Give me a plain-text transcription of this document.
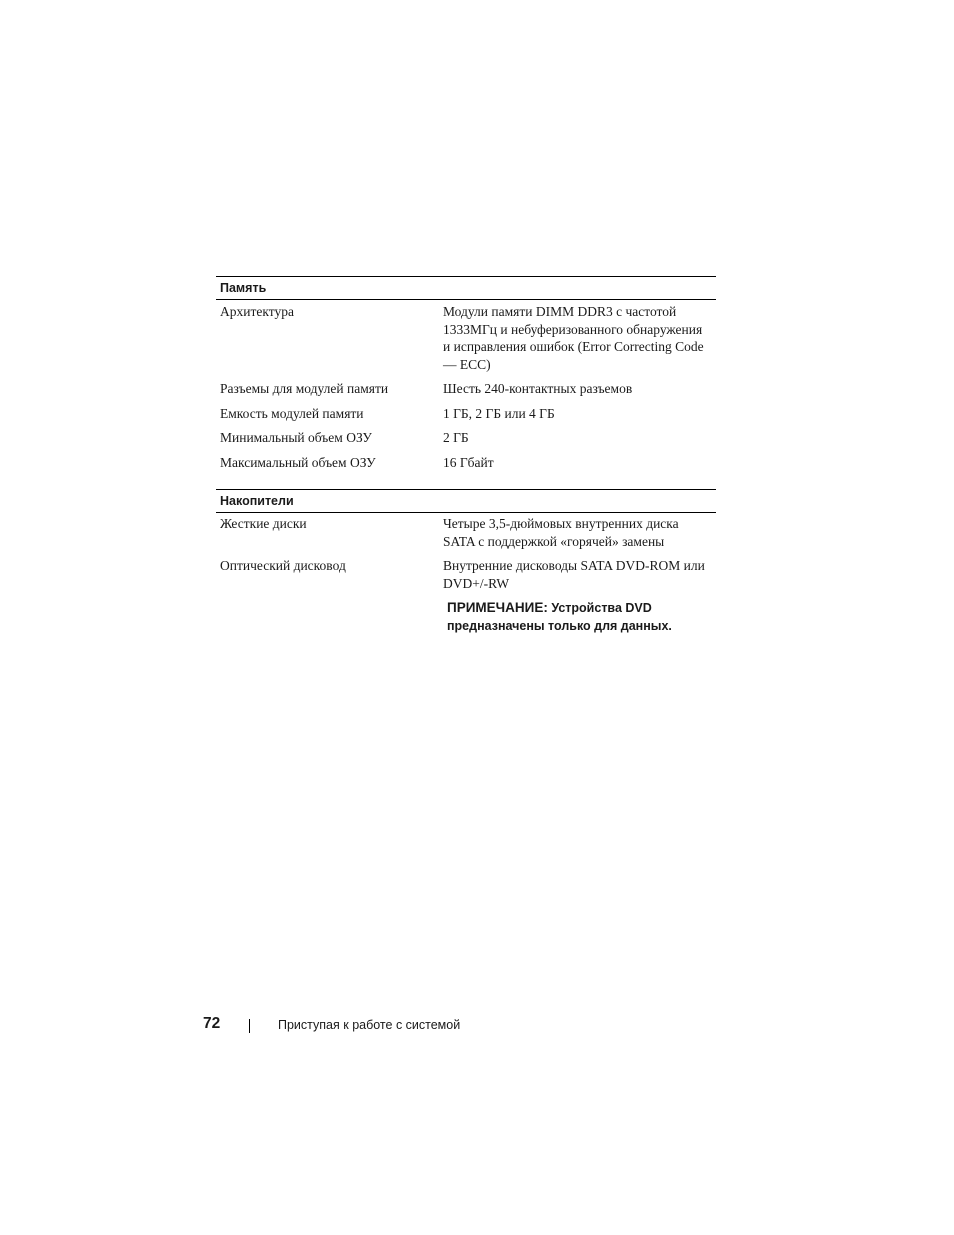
Память
Архитектура	Модули памяти DIMM DDR3 с частотой 1333МГц и небуферизованного обнаружения и исправления ошибок (Error Correcting Code — ECC)
Разъемы для модулей памяти	Шесть 240-контактных разъемов
Емкость модулей памяти	1 ГБ, 2 ГБ или 4 ГБ
Минимальный объем ОЗУ	2 ГБ
Максимальный объем ОЗУ	16 Гбайт
Накопители
Жесткие диски	Четыре 3,5-дюймовых внутренних диска SATA с поддержкой «горячей» замены
Оптический дисковод	Внутренние дисководы SATA DVD-ROM или DVD+/-RW
ПРИМЕЧАНИЕ: Устройства DVD предназначены только для данных.
72	Приступая к работе с системой
